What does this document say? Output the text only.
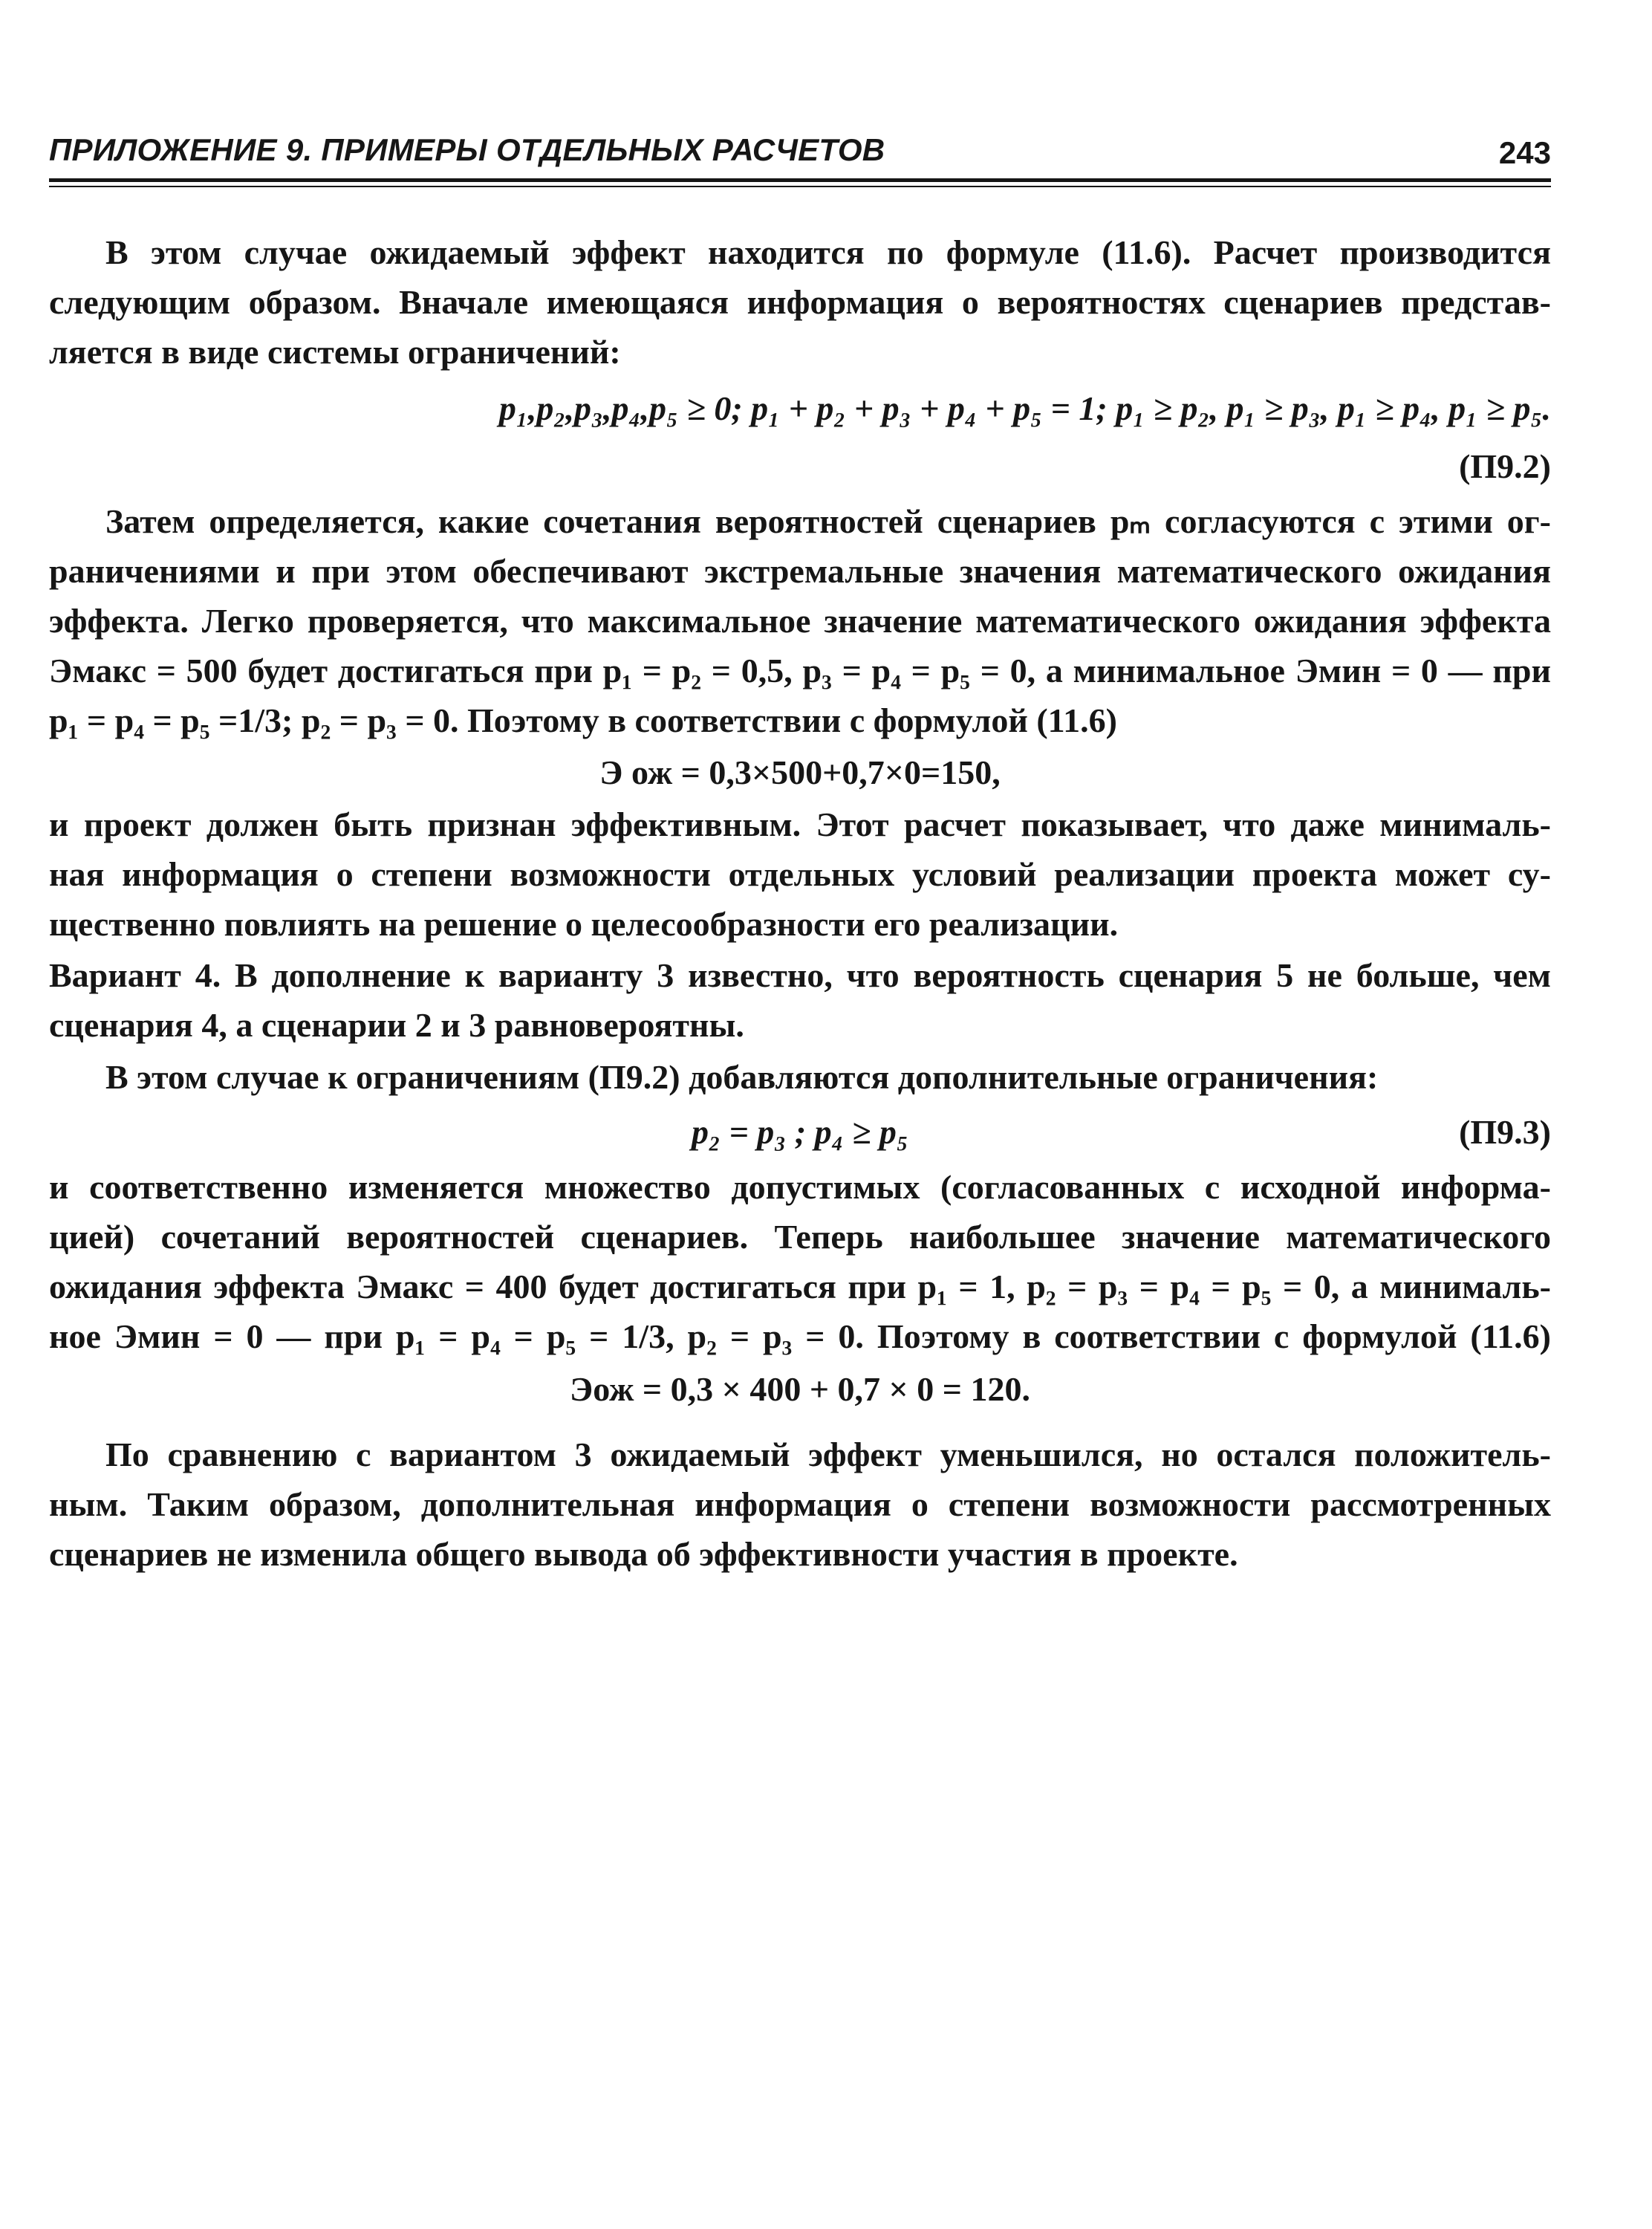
ПРИЛОЖЕНИЕ 9. ПРИМЕРЫ ОТДЕЛЬНЫХ РАСЧЕТОВ	243
В этом случае ожидаемый эффект находится по формуле (11.6). Расчет производится
следующим образом. Вначале имеющаяся информация о вероятностях сценариев представ-
ляется в виде системы ограничений:
p₁,p₂,p₃,p₄,p₅ ≥ 0; p₁ + p₂ + p₃ + p₄ + p₅ = 1; p₁ ≥ p₂, p₁ ≥ p₃, p₁ ≥ p₄, p₁ ≥ p₅.
(П9.2)
Затем определяется, какие сочетания вероятностей сценариев pₘ согласуются с этими ог-
раничениями и при этом обеспечивают экстремальные значения математического ожидания
эффекта. Легко проверяется, что максимальное значение математического ожидания эффекта
Эмакс = 500 будет достигаться при p₁ = p₂ = 0,5, p₃ = p₄ = p₅ = 0, а минимальное Эмин = 0 — при
p₁ = p₄ = p₅ =1/3; p₂ = p₃ = 0. Поэтому в соответствии с формулой (11.6)
Э ож = 0,3×500+0,7×0=150,
и проект должен быть признан эффективным. Этот расчет показывает, что даже минималь-
ная информация о степени возможности отдельных условий реализации проекта может су-
щественно повлиять на решение о целесообразности его реализации.
Вариант 4. В дополнение к варианту 3 известно, что вероятность сценария 5 не больше, чем
сценария 4, а сценарии 2 и 3 равновероятны.
В этом случае к ограничениям (П9.2) добавляются дополнительные ограничения:
p₂ = p₃ ; p₄ ≥ p₅	(П9.3)
и соответственно изменяется множество допустимых (согласованных с исходной информа-
цией) сочетаний вероятностей сценариев. Теперь наибольшее значение математического
ожидания эффекта Эмакс = 400 будет достигаться при p₁ = 1, p₂ = p₃ = p₄ = p₅ = 0, а минималь-
ное Эмин = 0 — при p₁ = p₄ = p₅ = 1/3, p₂ = p₃ = 0. Поэтому в соответствии с формулой (11.6)
Эож = 0,3 × 400 + 0,7 × 0 = 120.
По сравнению с вариантом 3 ожидаемый эффект уменьшился, но остался положитель-
ным. Таким образом, дополнительная информация о степени возможности рассмотренных
сценариев не изменила общего вывода об эффективности участия в проекте.
